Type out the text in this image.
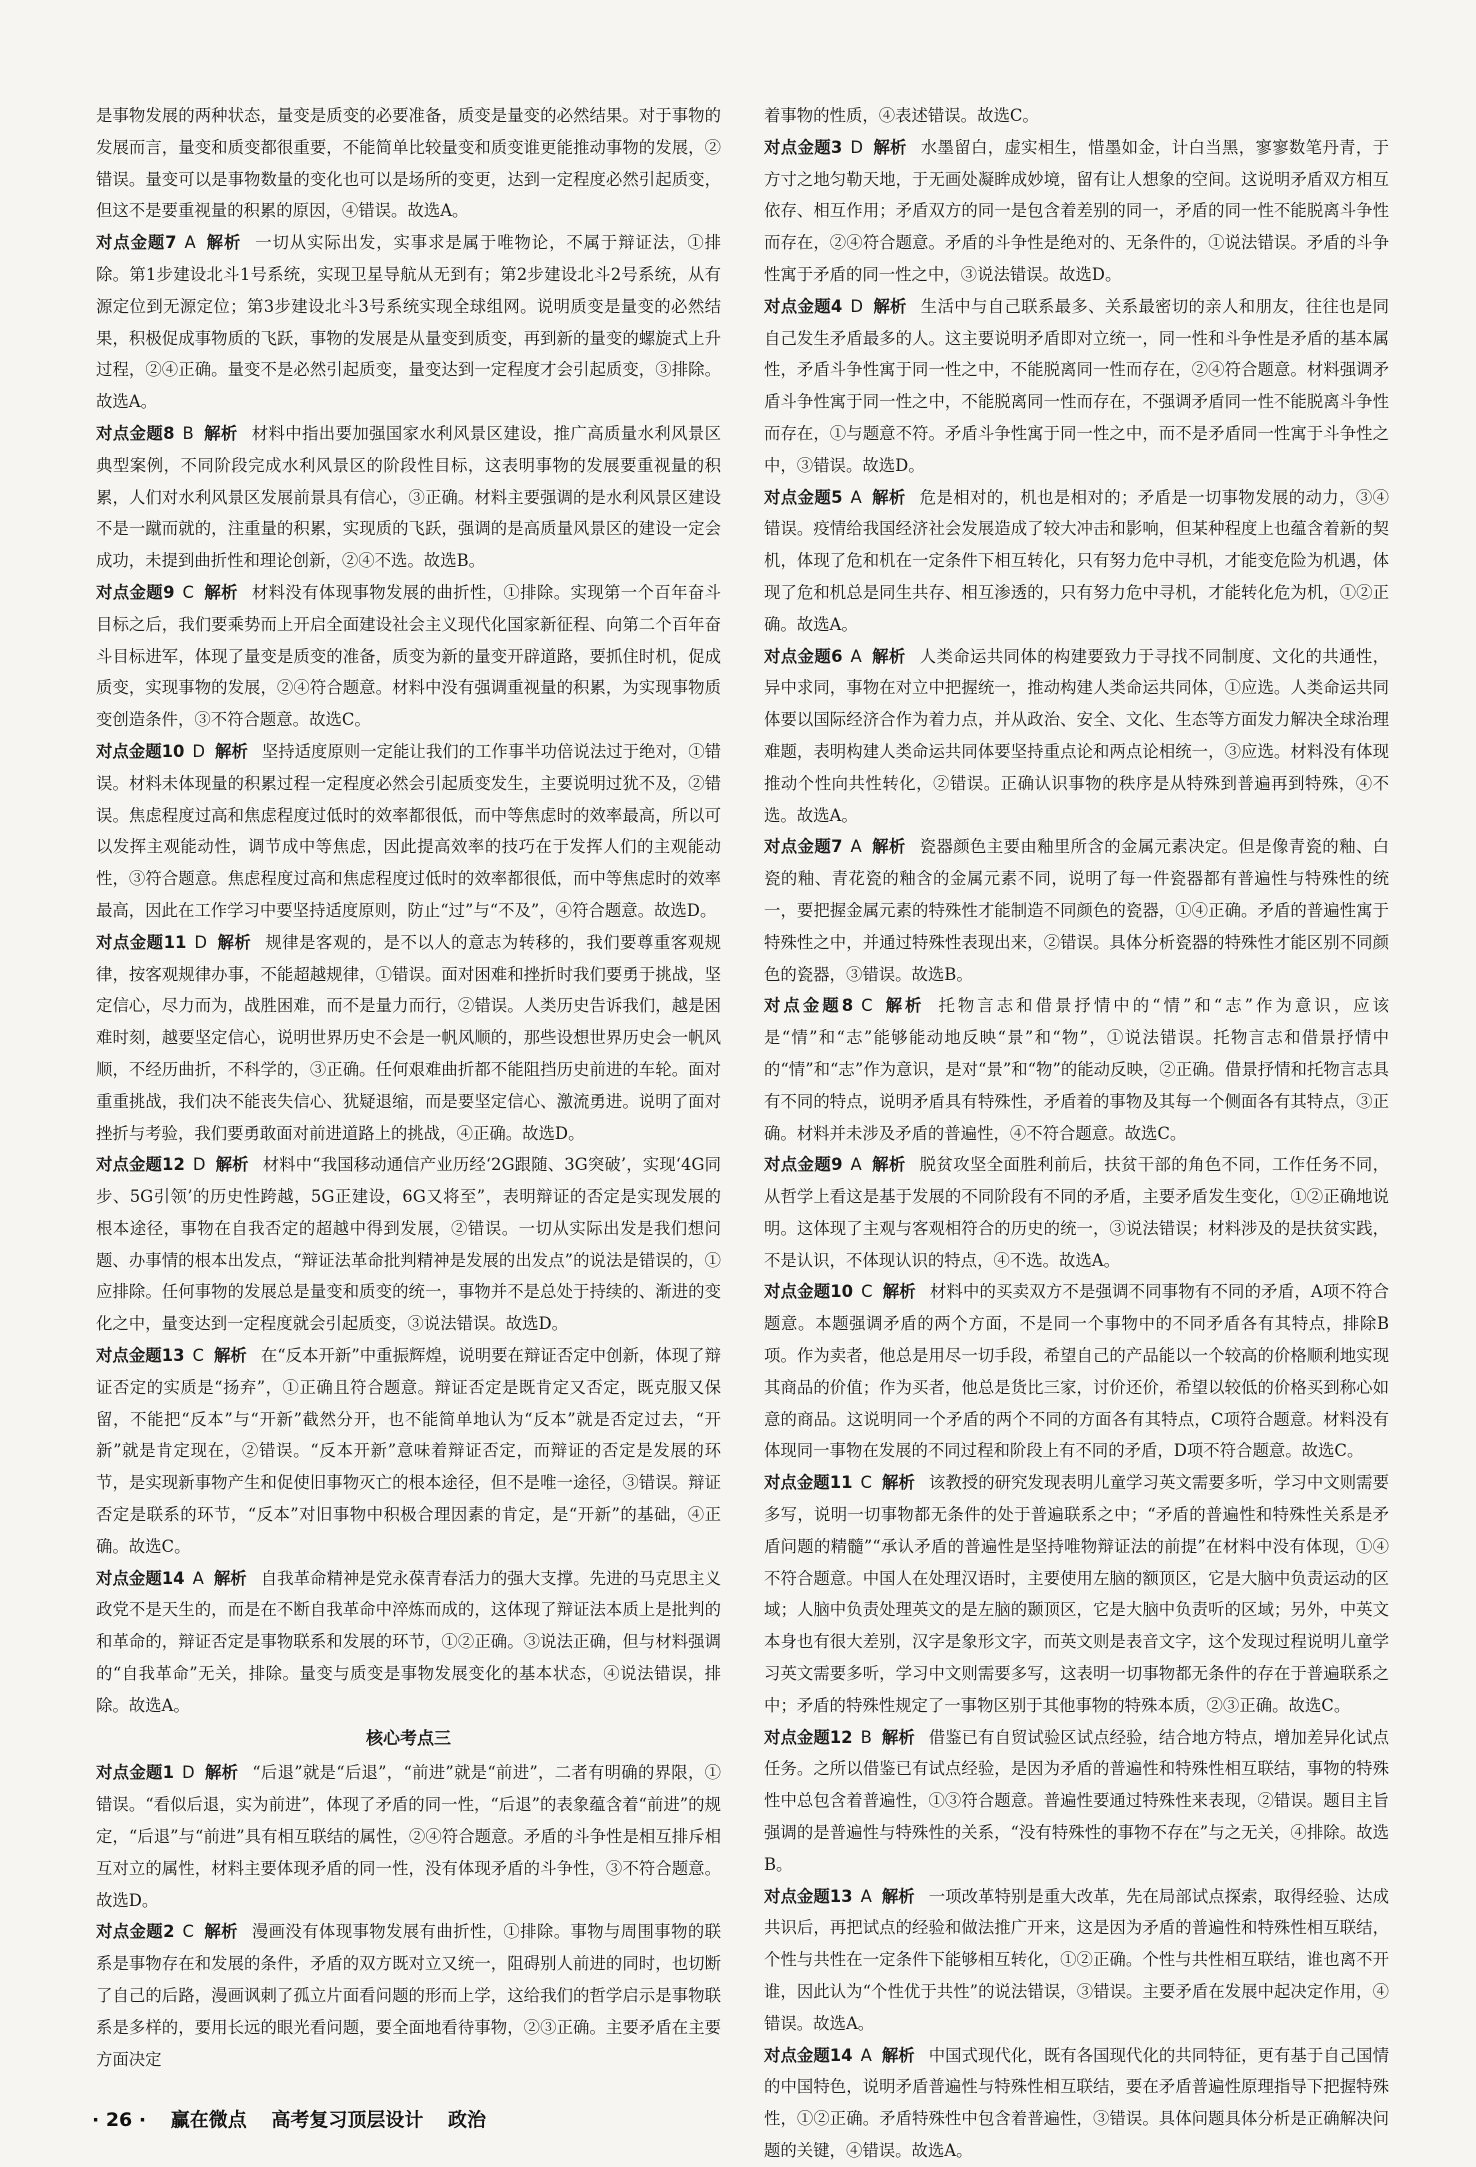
是事物发展的两种状态，量变是质变的必要准备，质变是量变的必然结果。对于事物的发展而言，量变和质变都很重要，不能简单比较量变和质变谁更能推动事物的发展，②错误。量变可以是事物数量的变化也可以是场所的变更，达到一定程度必然引起质变，但这不是要重视量的积累的原因，④错误。故选A。

对点金题7 A 解析 一切从实际出发，实事求是属于唯物论，不属于辩证法，①排除。第1步建设北斗1号系统，实现卫星导航从无到有；第2步建设北斗2号系统，从有源定位到无源定位；第3步建设北斗3号系统实现全球组网。说明质变是量变的必然结果，积极促成事物质的飞跃，事物的发展是从量变到质变，再到新的量变的螺旋式上升过程，②④正确。量变不是必然引起质变，量变达到一定程度才会引起质变，③排除。故选A。

对点金题8 B 解析 材料中指出要加强国家水利风景区建设，推广高质量水利风景区典型案例，不同阶段完成水利风景区的阶段性目标，这表明事物的发展要重视量的积累，人们对水利风景区发展前景具有信心，③正确。材料主要强调的是水利风景区建设不是一蹴而就的，注重量的积累，实现质的飞跃，强调的是高质量风景区的建设一定会成功，未提到曲折性和理论创新，②④不选。故选B。

对点金题9 C 解析 材料没有体现事物发展的曲折性，①排除。实现第一个百年奋斗目标之后，我们要乘势而上开启全面建设社会主义现代化国家新征程、向第二个百年奋斗目标进军，体现了量变是质变的准备，质变为新的量变开辟道路，要抓住时机，促成质变，实现事物的发展，②④符合题意。材料中没有强调重视量的积累，为实现事物质变创造条件，③不符合题意。故选C。

对点金题10 D 解析 坚持适度原则一定能让我们的工作事半功倍说法过于绝对，①错误。材料未体现量的积累过程一定程度必然会引起质变发生，主要说明过犹不及，②错误。焦虑程度过高和焦虑程度过低时的效率都很低，而中等焦虑时的效率最高，所以可以发挥主观能动性，调节成中等焦虑，因此提高效率的技巧在于发挥人们的主观能动性，③符合题意。焦虑程度过高和焦虑程度过低时的效率都很低，而中等焦虑时的效率最高，因此在工作学习中要坚持适度原则，防止“过”与“不及”，④符合题意。故选D。

对点金题11 D 解析 规律是客观的，是不以人的意志为转移的，我们要尊重客观规律，按客观规律办事，不能超越规律，①错误。面对困难和挫折时我们要勇于挑战，坚定信心，尽力而为，战胜困难，而不是量力而行，②错误。人类历史告诉我们，越是困难时刻，越要坚定信心，说明世界历史不会是一帆风顺的，那些设想世界历史会一帆风顺，不经历曲折，不科学的，③正确。任何艰难曲折都不能阻挡历史前进的车轮。面对重重挑战，我们决不能丧失信心、犹疑退缩，而是要坚定信心、激流勇进。说明了面对挫折与考验，我们要勇敢面对前进道路上的挑战，④正确。故选D。

对点金题12 D 解析 材料中“我国移动通信产业历经‘2G跟随、3G突破’，实现‘4G同步、5G引领’的历史性跨越，5G正建设，6G又将至”，表明辩证的否定是实现发展的根本途径，事物在自我否定的超越中得到发展，②错误。一切从实际出发是我们想问题、办事情的根本出发点，“辩证法革命批判精神是发展的出发点”的说法是错误的，①应排除。任何事物的发展总是量变和质变的统一，事物并不是总处于持续的、渐进的变化之中，量变达到一定程度就会引起质变，③说法错误。故选D。

对点金题13 C 解析 在“反本开新”中重振辉煌，说明要在辩证否定中创新，体现了辩证否定的实质是“扬弃”，①正确且符合题意。辩证否定是既肯定又否定，既克服又保留，不能把“反本”与“开新”截然分开，也不能简单地认为“反本”就是否定过去，“开新”就是肯定现在，②错误。“反本开新”意味着辩证否定，而辩证的否定是发展的环节，是实现新事物产生和促使旧事物灭亡的根本途径，但不是唯一途径，③错误。辩证否定是联系的环节，“反本”对旧事物中积极合理因素的肯定，是“开新”的基础，④正确。故选C。

对点金题14 A 解析 自我革命精神是党永葆青春活力的强大支撑。先进的马克思主义政党不是天生的，而是在不断自我革命中淬炼而成的，这体现了辩证法本质上是批判的和革命的，辩证否定是事物联系和发展的环节，①②正确。③说法正确，但与材料强调的“自我革命”无关，排除。量变与质变是事物发展变化的基本状态，④说法错误，排除。故选A。

核心考点三

对点金题1 D 解析 “后退”就是“后退”，“前进”就是“前进”，二者有明确的界限，①错误。“看似后退，实为前进”，体现了矛盾的同一性，“后退”的表象蕴含着“前进”的规定，“后退”与“前进”具有相互联结的属性，②④符合题意。矛盾的斗争性是相互排斥相互对立的属性，材料主要体现矛盾的同一性，没有体现矛盾的斗争性，③不符合题意。故选D。

对点金题2 C 解析 漫画没有体现事物发展有曲折性，①排除。事物与周围事物的联系是事物存在和发展的条件，矛盾的双方既对立又统一，阻碍别人前进的同时，也切断了自己的后路，漫画讽刺了孤立片面看问题的形而上学，这给我们的哲学启示是事物联系是多样的，要用长远的眼光看问题，要全面地看待事物，②③正确。主要矛盾在主要方面决定

着事物的性质，④表述错误。故选C。

对点金题3 D 解析 水墨留白，虚实相生，惜墨如金，计白当黑，寥寥数笔丹青，于方寸之地匀勒天地，于无画处凝眸成妙境，留有让人想象的空间。这说明矛盾双方相互依存、相互作用；矛盾双方的同一是包含着差别的同一，矛盾的同一性不能脱离斗争性而存在，②④符合题意。矛盾的斗争性是绝对的、无条件的，①说法错误。矛盾的斗争性寓于矛盾的同一性之中，③说法错误。故选D。

对点金题4 D 解析 生活中与自己联系最多、关系最密切的亲人和朋友，往往也是同自己发生矛盾最多的人。这主要说明矛盾即对立统一，同一性和斗争性是矛盾的基本属性，矛盾斗争性寓于同一性之中，不能脱离同一性而存在，②④符合题意。材料强调矛盾斗争性寓于同一性之中，不能脱离同一性而存在，不强调矛盾同一性不能脱离斗争性而存在，①与题意不符。矛盾斗争性寓于同一性之中，而不是矛盾同一性寓于斗争性之中，③错误。故选D。

对点金题5 A 解析 危是相对的，机也是相对的；矛盾是一切事物发展的动力，③④错误。疫情给我国经济社会发展造成了较大冲击和影响，但某种程度上也蕴含着新的契机，体现了危和机在一定条件下相互转化，只有努力危中寻机，才能变危险为机遇，体现了危和机总是同生共存、相互渗透的，只有努力危中寻机，才能转化危为机，①②正确。故选A。

对点金题6 A 解析 人类命运共同体的构建要致力于寻找不同制度、文化的共通性，异中求同，事物在对立中把握统一，推动构建人类命运共同体，①应选。人类命运共同体要以国际经济合作为着力点，并从政治、安全、文化、生态等方面发力解决全球治理难题，表明构建人类命运共同体要坚持重点论和两点论相统一，③应选。材料没有体现推动个性向共性转化，②错误。正确认识事物的秩序是从特殊到普遍再到特殊，④不选。故选A。

对点金题7 A 解析 瓷器颜色主要由釉里所含的金属元素决定。但是像青瓷的釉、白瓷的釉、青花瓷的釉含的金属元素不同，说明了每一件瓷器都有普遍性与特殊性的统一，要把握金属元素的特殊性才能制造不同颜色的瓷器，①④正确。矛盾的普遍性寓于特殊性之中，并通过特殊性表现出来，②错误。具体分析瓷器的特殊性才能区别不同颜色的瓷器，③错误。故选B。

对点金题8 C 解析 托物言志和借景抒情中的“情”和“志”作为意识，应该是“情”和“志”能够能动地反映“景”和“物”，①说法错误。托物言志和借景抒情中的“情”和“志”作为意识，是对“景”和“物”的能动反映，②正确。借景抒情和托物言志具有不同的特点，说明矛盾具有特殊性，矛盾着的事物及其每一个侧面各有其特点，③正确。材料并未涉及矛盾的普遍性，④不符合题意。故选C。

对点金题9 A 解析 脱贫攻坚全面胜利前后，扶贫干部的角色不同，工作任务不同，从哲学上看这是基于发展的不同阶段有不同的矛盾，主要矛盾发生变化，①②正确地说明。这体现了主观与客观相符合的历史的统一，③说法错误；材料涉及的是扶贫实践，不是认识，不体现认识的特点，④不选。故选A。

对点金题10 C 解析 材料中的买卖双方不是强调不同事物有不同的矛盾，A项不符合题意。本题强调矛盾的两个方面，不是同一个事物中的不同矛盾各有其特点，排除B项。作为卖者，他总是用尽一切手段，希望自己的产品能以一个较高的价格顺利地实现其商品的价值；作为买者，他总是货比三家，讨价还价，希望以较低的价格买到称心如意的商品。这说明同一个矛盾的两个不同的方面各有其特点，C项符合题意。材料没有体现同一事物在发展的不同过程和阶段上有不同的矛盾，D项不符合题意。故选C。

对点金题11 C 解析 该教授的研究发现表明儿童学习英文需要多听，学习中文则需要多写，说明一切事物都无条件的处于普遍联系之中；“矛盾的普遍性和特殊性关系是矛盾问题的精髓”“承认矛盾的普遍性是坚持唯物辩证法的前提”在材料中没有体现，①④不符合题意。中国人在处理汉语时，主要使用左脑的额顶区，它是大脑中负责运动的区域；人脑中负责处理英文的是左脑的颞顶区，它是大脑中负责听的区域；另外，中英文本身也有很大差别，汉字是象形文字，而英文则是表音文字，这个发现过程说明儿童学习英文需要多听，学习中文则需要多写，这表明一切事物都无条件的存在于普遍联系之中；矛盾的特殊性规定了一事物区别于其他事物的特殊本质，②③正确。故选C。

对点金题12 B 解析 借鉴已有自贸试验区试点经验，结合地方特点，增加差异化试点任务。之所以借鉴已有试点经验，是因为矛盾的普遍性和特殊性相互联结，事物的特殊性中总包含着普遍性，①③符合题意。普遍性要通过特殊性来表现，②错误。题目主旨强调的是普遍性与特殊性的关系，“没有特殊性的事物不存在”与之无关，④排除。故选B。

对点金题13 A 解析 一项改革特别是重大改革，先在局部试点探索，取得经验、达成共识后，再把试点的经验和做法推广开来，这是因为矛盾的普遍性和特殊性相互联结，个性与共性在一定条件下能够相互转化，①②正确。个性与共性相互联结，谁也离不开谁，因此认为“个性优于共性”的说法错误，③错误。主要矛盾在发展中起决定作用，④错误。故选A。

对点金题14 A 解析 中国式现代化，既有各国现代化的共同特征，更有基于自己国情的中国特色，说明矛盾普遍性与特殊性相互联结，要在矛盾普遍性原理指导下把握特殊性，①②正确。矛盾特殊性中包含着普遍性，③错误。具体问题具体分析是正确解决问题的关键，④错误。故选A。

· 26 · 赢在微点 高考复习顶层设计 政治
